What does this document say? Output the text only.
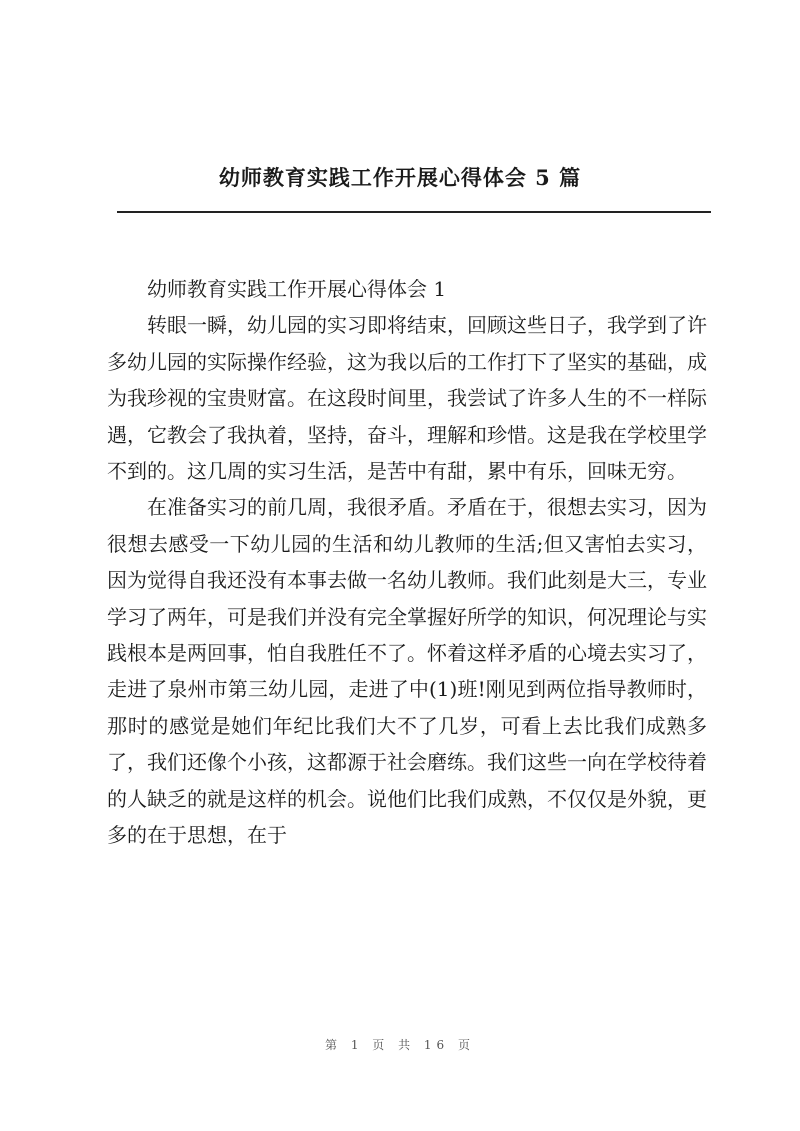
幼师教育实践工作开展心得体会 5 篇

幼师教育实践工作开展心得体会 1

转眼一瞬，幼儿园的实习即将结束，回顾这些日子，我学到了许多幼儿园的实际操作经验，这为我以后的工作打下了坚实的基础，成为我珍视的宝贵财富。在这段时间里，我尝试了许多人生的不一样际遇，它教会了我执着，坚持，奋斗，理解和珍惜。这是我在学校里学不到的。这几周的实习生活，是苦中有甜，累中有乐，回味无穷。

在准备实习的前几周，我很矛盾。矛盾在于，很想去实习，因为很想去感受一下幼儿园的生活和幼儿教师的生活;但又害怕去实习，因为觉得自我还没有本事去做一名幼儿教师。我们此刻是大三，专业学习了两年，可是我们并没有完全掌握好所学的知识，何况理论与实践根本是两回事，怕自我胜任不了。怀着这样矛盾的心境去实习了，走进了泉州市第三幼儿园，走进了中(1)班!刚见到两位指导教师时，那时的感觉是她们年纪比我们大不了几岁，可看上去比我们成熟多了，我们还像个小孩，这都源于社会磨练。我们这些一向在学校待着的人缺乏的就是这样的机会。说他们比我们成熟，不仅仅是外貌，更多的在于思想，在于

第 1 页 共 16 页
